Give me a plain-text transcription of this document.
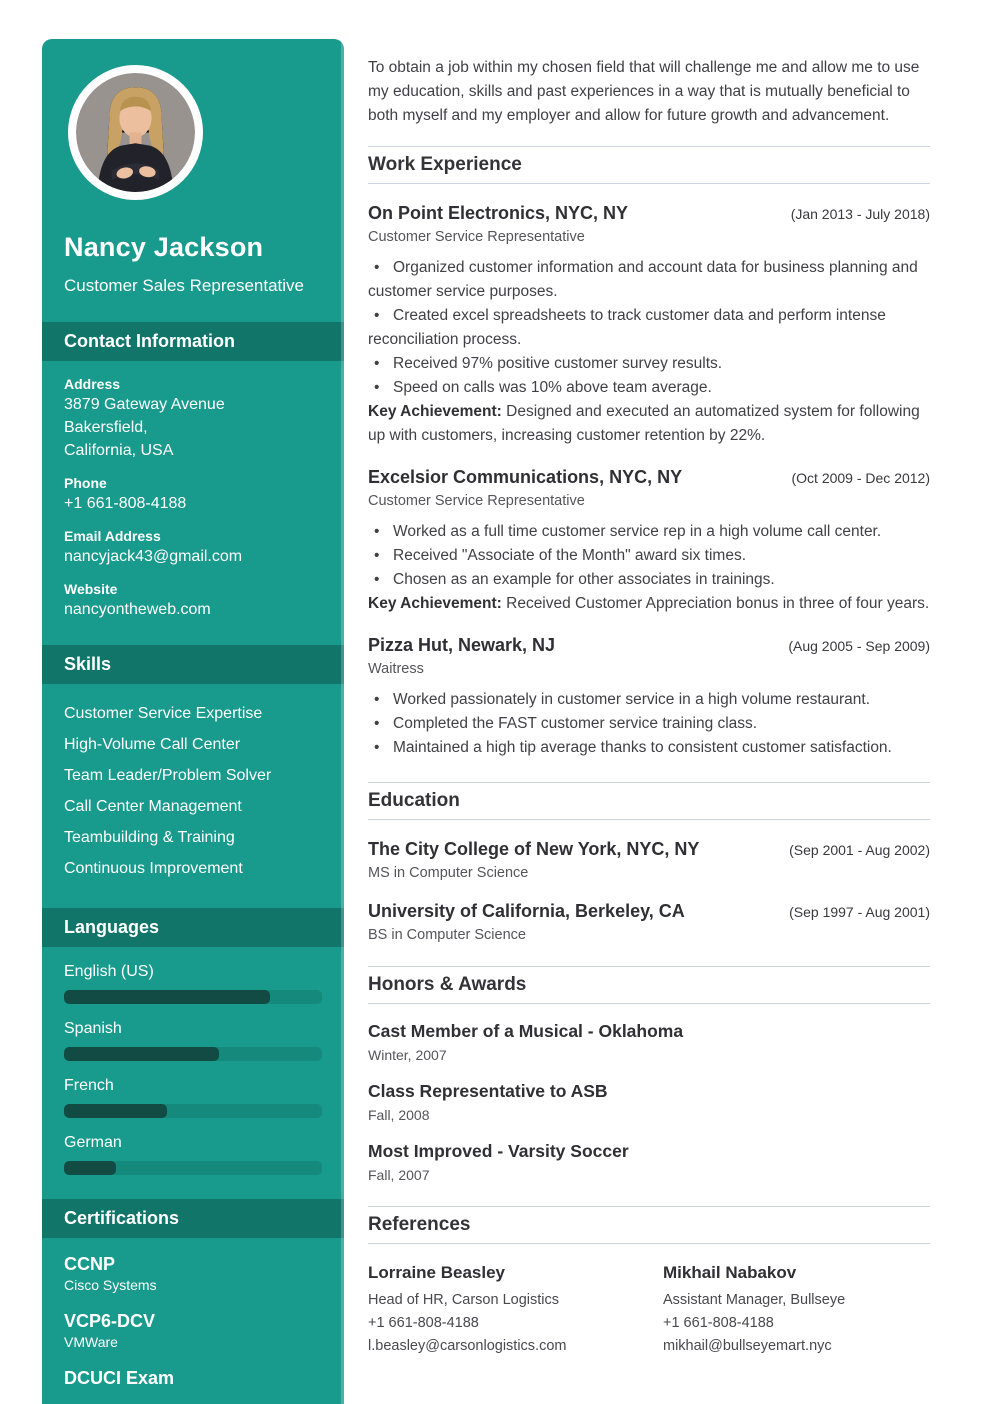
Nancy Jackson
Customer Sales Representative
Contact Information
Address
3879 Gateway Avenue
Bakersfield,
California, USA
Phone
+1 661-808-4188
Email Address
nancyjack43@gmail.com
Website
nancyontheweb.com
Skills
Customer Service Expertise
High-Volume Call Center
Team Leader/Problem Solver
Call Center Management
Teambuilding & Training
Continuous Improvement
Languages
English (US)
Spanish
French
German
Certifications
CCNP
Cisco Systems
VCP6-DCV
VMWare
DCUCI Exam

To obtain a job within my chosen field that will challenge me and allow me to use my education, skills and past experiences in a way that is mutually beneficial to both myself and my employer and allow for future growth and advancement.

Work Experience
On Point Electronics, NYC, NY	(Jan 2013 - July 2018)
Customer Service Representative
• Organized customer information and account data for business planning and customer service purposes.
• Created excel spreadsheets to track customer data and perform intense reconciliation process.
• Received 97% positive customer survey results.
• Speed on calls was 10% above team average.
Key Achievement: Designed and executed an automatized system for following up with customers, increasing customer retention by 22%.
Excelsior Communications, NYC, NY	(Oct 2009 - Dec 2012)
Customer Service Representative
• Worked as a full time customer service rep in a high volume call center.
• Received "Associate of the Month" award six times.
• Chosen as an example for other associates in trainings.
Key Achievement: Received Customer Appreciation bonus in three of four years.
Pizza Hut, Newark, NJ	(Aug 2005 - Sep 2009)
Waitress
• Worked passionately in customer service in a high volume restaurant.
• Completed the FAST customer service training class.
• Maintained a high tip average thanks to consistent customer satisfaction.
Education
The City College of New York, NYC, NY	(Sep 2001 - Aug 2002)
MS in Computer Science
University of California, Berkeley, CA	(Sep 1997 - Aug 2001)
BS in Computer Science
Honors & Awards
Cast Member of a Musical - Oklahoma
Winter, 2007
Class Representative to ASB
Fall, 2008
Most Improved - Varsity Soccer
Fall, 2007
References
Lorraine Beasley
Head of HR, Carson Logistics
+1 661-808-4188
l.beasley@carsonlogistics.com
Mikhail Nabakov
Assistant Manager, Bullseye
+1 661-808-4188
mikhail@bullseyemart.nyc
